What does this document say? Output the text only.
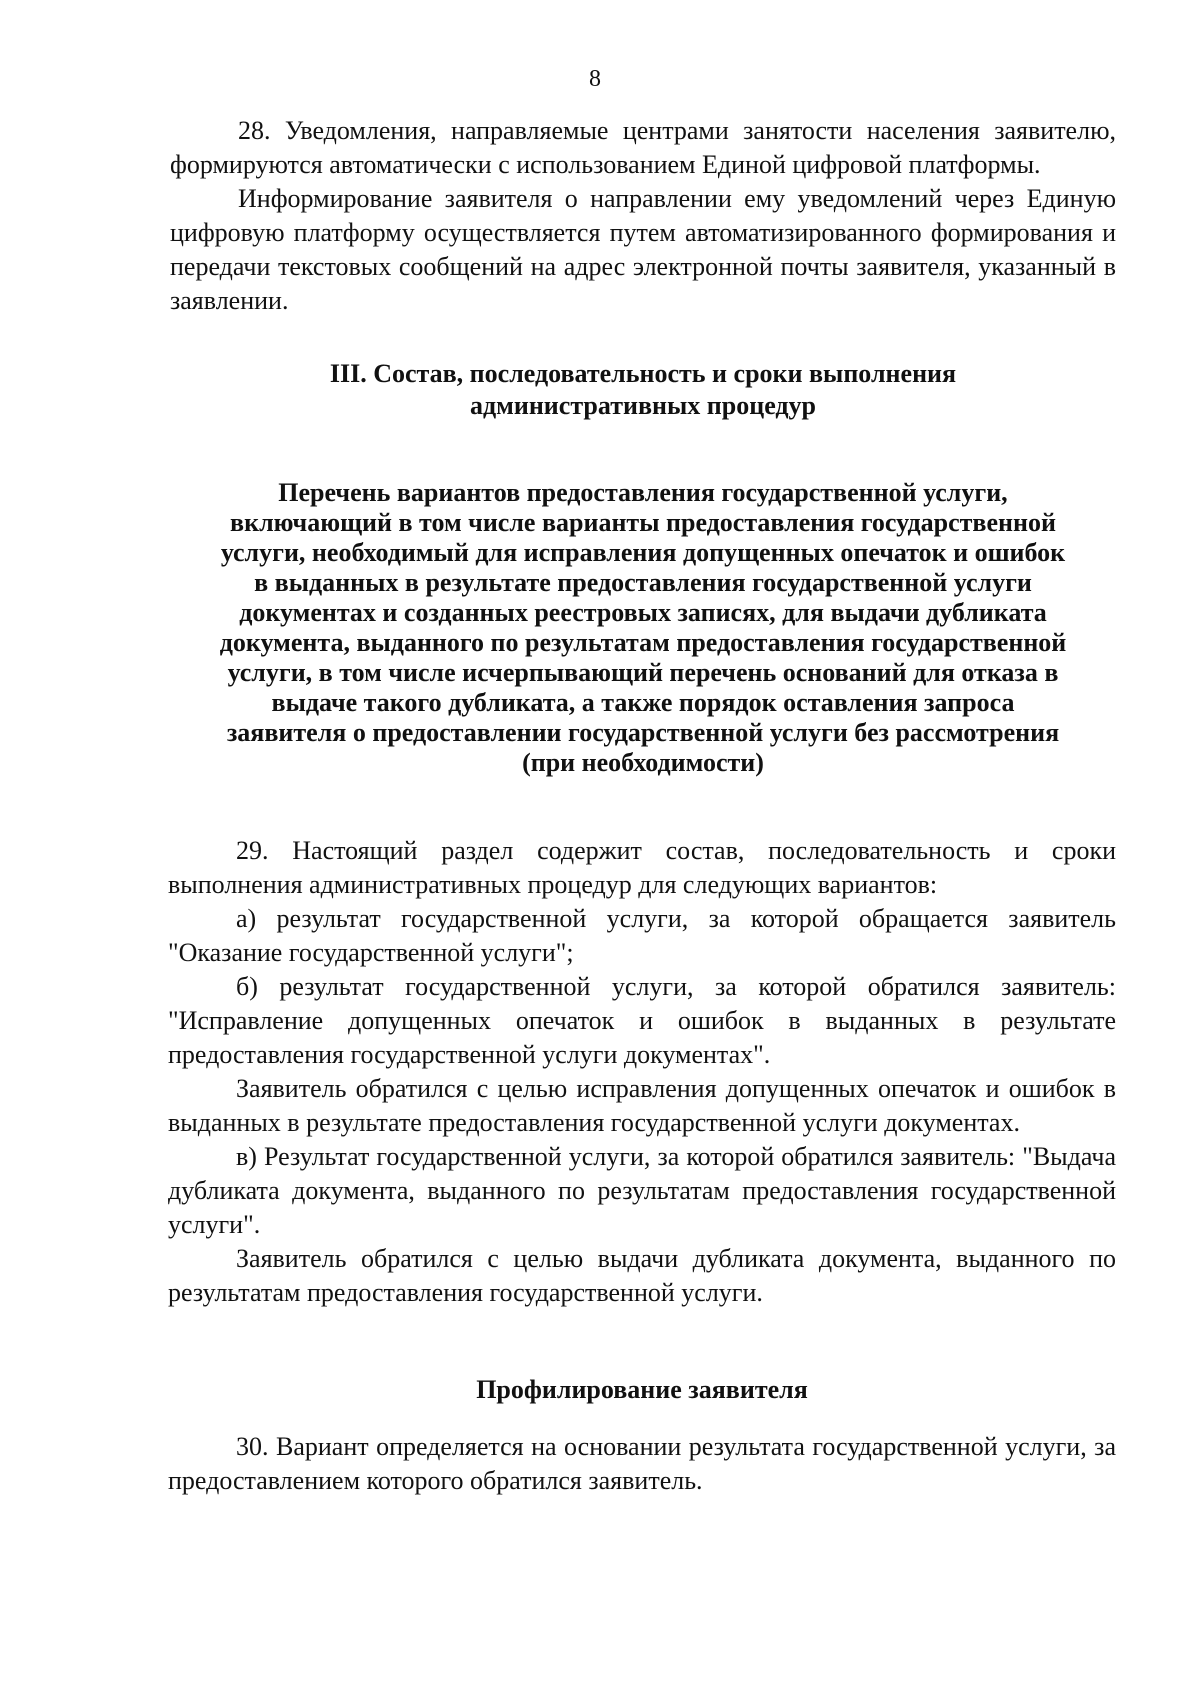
8

28. Уведомления, направляемые центрами занятости населения заявителю, формируются автоматически с использованием Единой цифровой платформы.

Информирование заявителя о направлении ему уведомлений через Единую цифровую платформу осуществляется путем автоматизированного формирования и передачи текстовых сообщений на адрес электронной почты заявителя, указанный в заявлении.

III. Состав, последовательность и сроки выполнения
административных процедур
Перечень вариантов предоставления государственной услуги,
включающий в том числе варианты предоставления государственной
услуги, необходимый для исправления допущенных опечаток и ошибок
в выданных в результате предоставления государственной услуги
документах и созданных реестровых записях, для выдачи дубликата
документа, выданного по результатам предоставления государственной
услуги, в том числе исчерпывающий перечень оснований для отказа в
выдаче такого дубликата, а также порядок оставления запроса
заявителя о предоставлении государственной услуги без рассмотрения
(при необходимости)

29. Настоящий раздел содержит состав, последовательность и сроки выполнения административных процедур для следующих вариантов:

а) результат государственной услуги, за которой обращается заявитель "Оказание государственной услуги";

б) результат государственной услуги, за которой обратился заявитель: "Исправление допущенных опечаток и ошибок в выданных в результате предоставления государственной услуги документах".

Заявитель обратился с целью исправления допущенных опечаток и ошибок в выданных в результате предоставления государственной услуги документах.

в) Результат государственной услуги, за которой обратился заявитель: "Выдача дубликата документа, выданного по результатам предоставления государственной услуги".

Заявитель обратился с целью выдачи дубликата документа, выданного по результатам предоставления государственной услуги.

Профилирование заявителя

30. Вариант определяется на основании результата государственной услуги, за предоставлением которого обратился заявитель.
